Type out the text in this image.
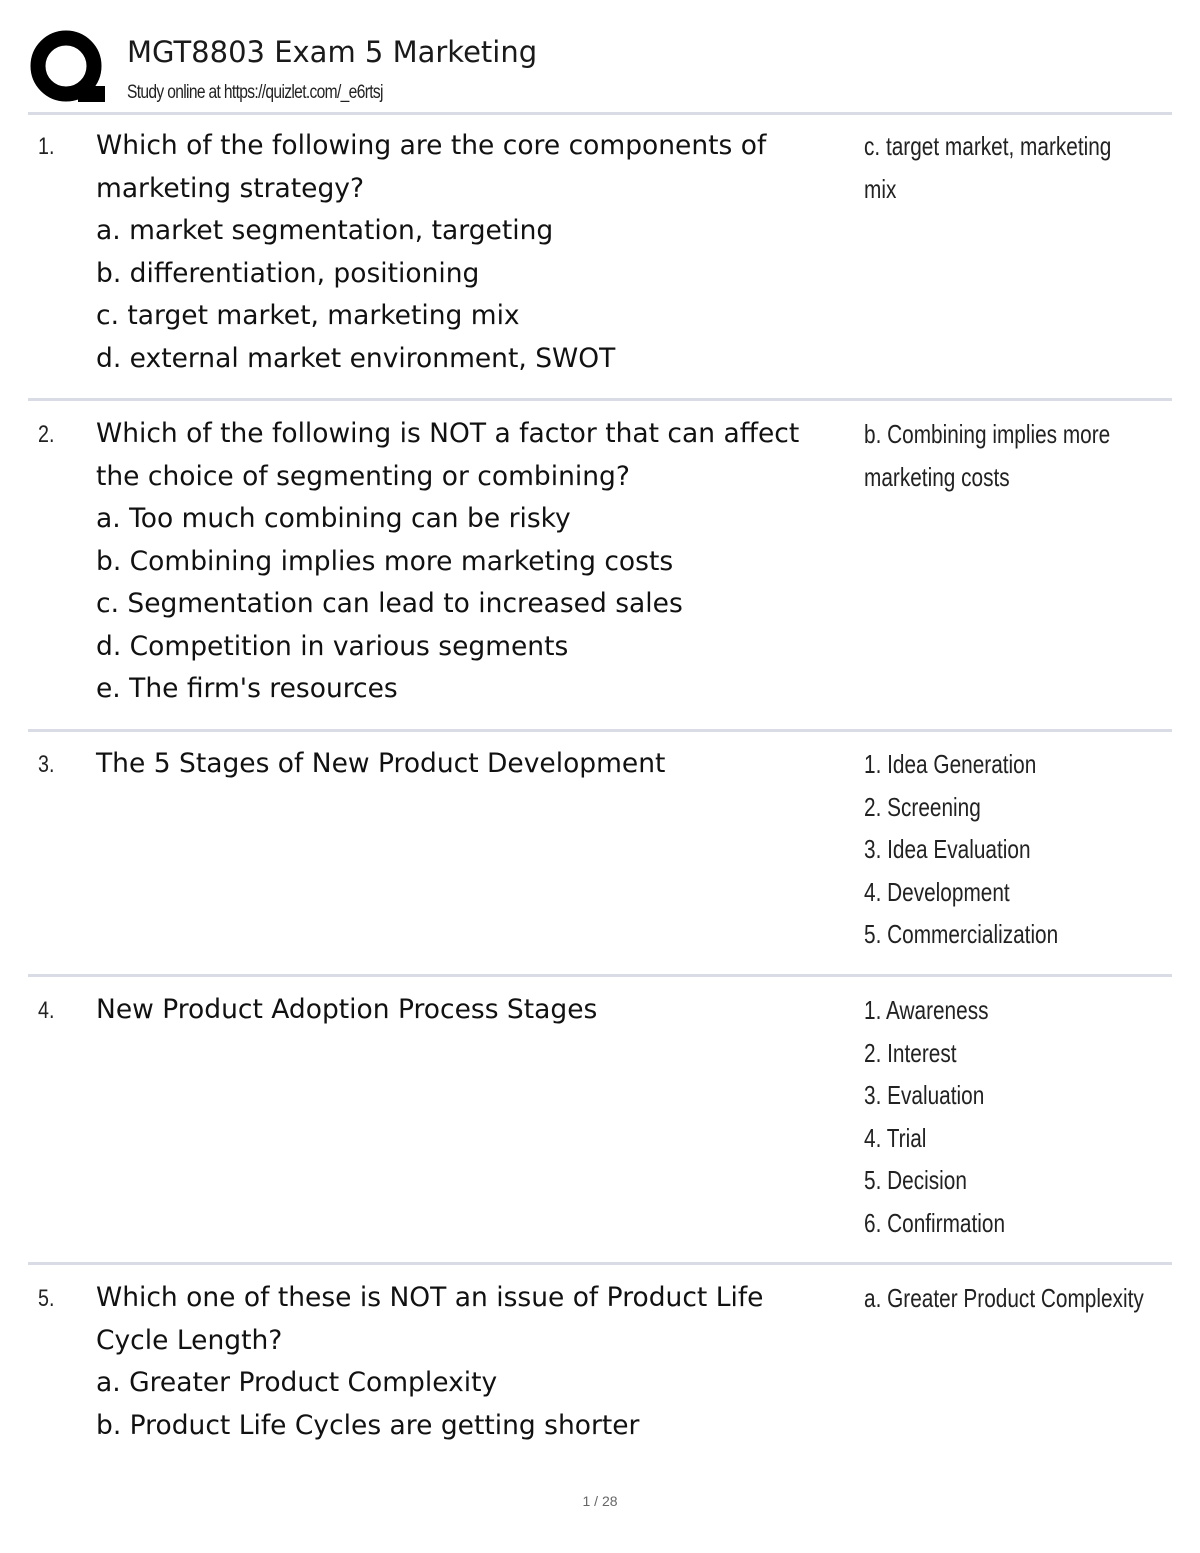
MGT8803 Exam 5 Marketing
Study online at https://quizlet.com/_e6rtsj
1. Which of the following are the core components of
marketing strategy?
a. market segmentation, targeting
b. differentiation, positioning
c. target market, marketing mix
d. external market environment, SWOT
c. target market, marketing
mix
2. Which of the following is NOT a factor that can affect
the choice of segmenting or combining?
a. Too much combining can be risky
b. Combining implies more marketing costs
c. Segmentation can lead to increased sales
d. Competition in various segments
e. The firm's resources
b. Combining implies more
marketing costs
3. The 5 Stages of New Product Development	1. Idea Generation
2. Screening
3. Idea Evaluation
4. Development
5. Commercialization
4. New Product Adoption Process Stages	1. Awareness
2. Interest
3. Evaluation
4. Trial
5. Decision
6. Confirmation
5. Which one of these is NOT an issue of Product Life
Cycle Length?
a. Greater Product Complexity
b. Product Life Cycles are getting shorter
a. Greater Product Complexity
1 / 28
